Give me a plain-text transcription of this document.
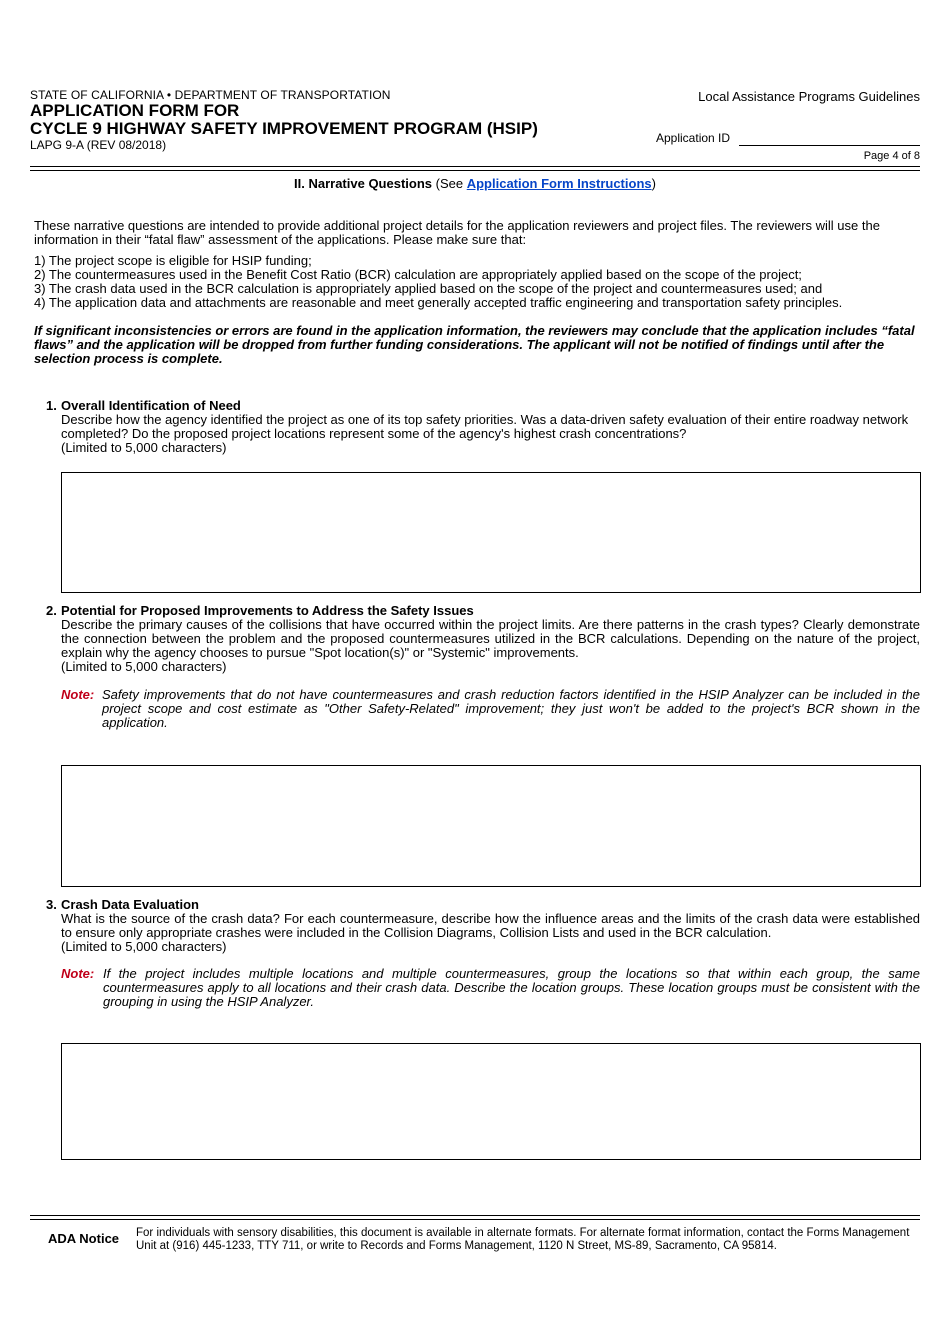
STATE OF CALIFORNIA • DEPARTMENT OF TRANSPORTATION
APPLICATION FORM FOR
CYCLE 9 HIGHWAY SAFETY IMPROVEMENT PROGRAM (HSIP)
LAPG 9-A (REV 08/2018)
Local Assistance Programs Guidelines
Application ID
Page 4 of 8
II. Narrative Questions (See Application Form Instructions)
These narrative questions are intended to provide additional project details for the application reviewers and project files. The reviewers will use the information in their “fatal flaw” assessment of the applications. Please make sure that:
1) The project scope is eligible for HSIP funding;
2) The countermeasures used in the Benefit Cost Ratio (BCR) calculation are appropriately applied based on the scope of the project;
3) The crash data used in the BCR calculation is appropriately applied based on the scope of the project and countermeasures used; and
4) The application data and attachments are reasonable and meet generally accepted traffic engineering and transportation safety principles.
If significant inconsistencies or errors are found in the application information, the reviewers may conclude that the application includes “fatal flaws” and the application will be dropped from further funding considerations. The applicant will not be notified of findings until after the selection process is complete.
1. Overall Identification of Need
Describe how the agency identified the project as one of its top safety priorities. Was a data-driven safety evaluation of their entire roadway network completed? Do the proposed project locations represent some of the agency's highest crash concentrations?
(Limited to 5,000 characters)
2. Potential for Proposed Improvements to Address the Safety Issues
Describe the primary causes of the collisions that have occurred within the project limits. Are there patterns in the crash types? Clearly demonstrate the connection between the problem and the proposed countermeasures utilized in the BCR calculations. Depending on the nature of the project, explain why the agency chooses to pursue "Spot location(s)" or "Systemic" improvements.
(Limited to 5,000 characters)
Note: Safety improvements that do not have countermeasures and crash reduction factors identified in the HSIP Analyzer can be included in the project scope and cost estimate as "Other Safety-Related" improvement; they just won't be added to the project's BCR shown in the application.
3. Crash Data Evaluation
What is the source of the crash data? For each countermeasure, describe how the influence areas and the limits of the crash data were established to ensure only appropriate crashes were included in the Collision Diagrams, Collision Lists and used in the BCR calculation.
(Limited to 5,000 characters)
Note: If the project includes multiple locations and multiple countermeasures, group the locations so that within each group, the same countermeasures apply to all locations and their crash data. Describe the location groups. These location groups must be consistent with the grouping in using the HSIP Analyzer.
ADA Notice For individuals with sensory disabilities, this document is available in alternate formats. For alternate format information, contact the Forms Management Unit at (916) 445-1233, TTY 711, or write to Records and Forms Management, 1120 N Street, MS-89, Sacramento, CA 95814.
